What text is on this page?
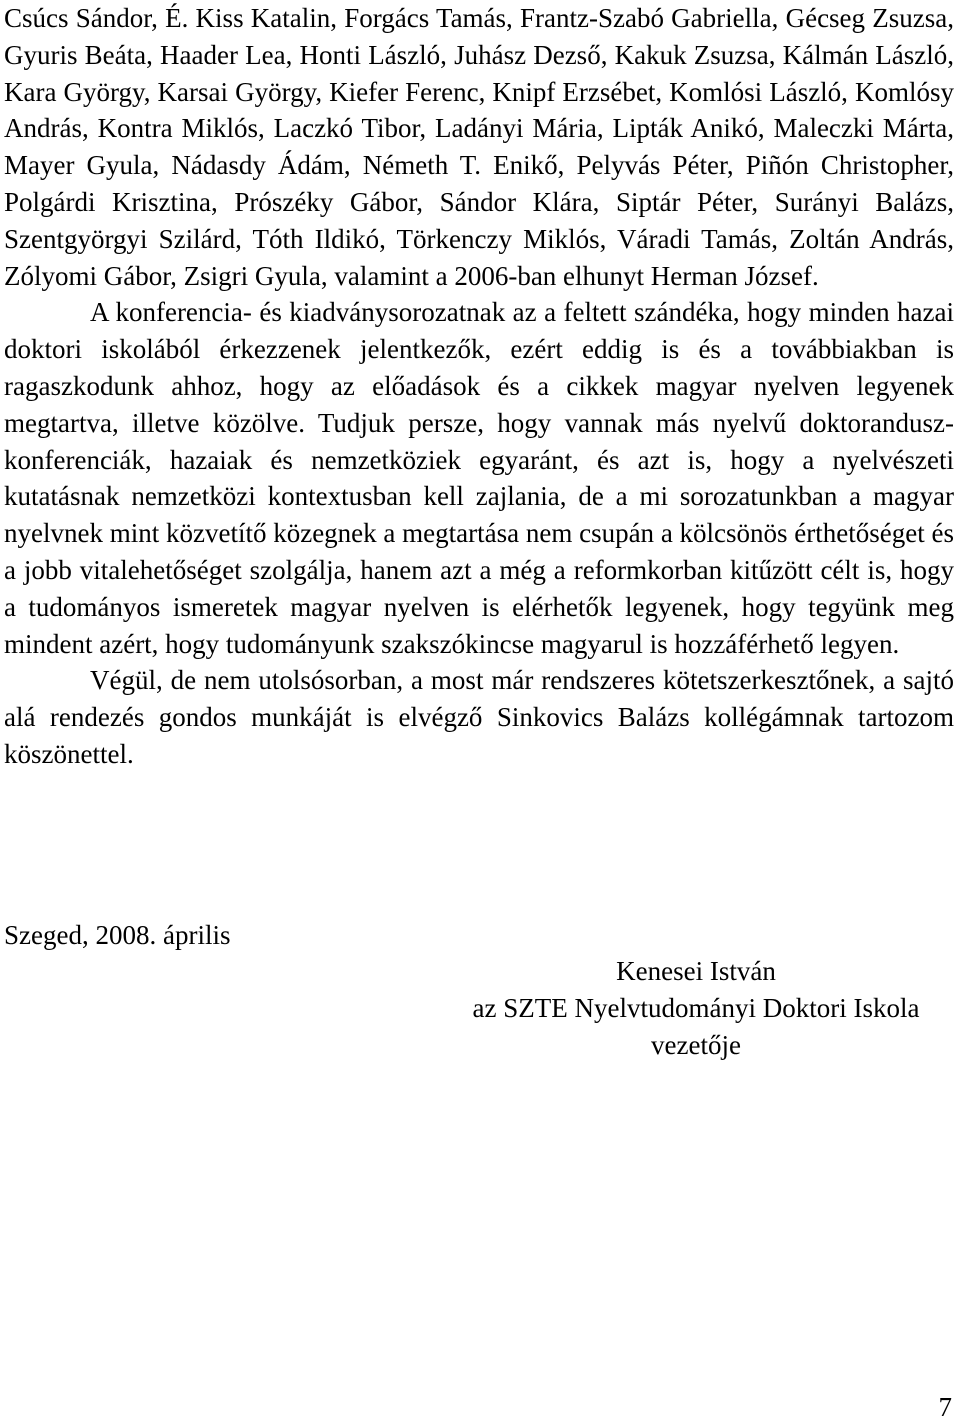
Csúcs Sándor, É. Kiss Katalin, Forgács Tamás, Frantz-Szabó Gabriella, Gécseg Zsuzsa, Gyuris Beáta, Haader Lea, Honti László, Juhász Dezső, Kakuk Zsuzsa, Kálmán László, Kara György, Karsai György, Kiefer Ferenc, Knipf Erzsébet, Komlósi László, Komlósy András, Kontra Miklós, Laczkó Tibor, Ladányi Mária, Lipták Anikó, Maleczki Márta, Mayer Gyula, Nádasdy Ádám, Németh T. Enikő, Pelyvás Péter, Piñón Christopher, Polgárdi Krisztina, Prószéky Gábor, Sándor Klára, Siptár Péter, Surányi Balázs, Szentgyörgyi Szilárd, Tóth Ildikó, Törkenczy Miklós, Váradi Tamás, Zoltán András, Zólyomi Gábor, Zsigri Gyula, valamint a 2006-ban elhunyt Herman József.

A konferencia- és kiadványsorozatnak az a feltett szándéka, hogy minden hazai doktori iskolából érkezzenek jelentkezők, ezért eddig is és a továbbiakban is ragaszkodunk ahhoz, hogy az előadások és a cikkek magyar nyelven legyenek megtartva, illetve közölve. Tudjuk persze, hogy vannak más nyelvű doktorandusz-konferenciák, hazaiak és nemzetköziek egyaránt, és azt is, hogy a nyelvészeti kutatásnak nemzetközi kontextusban kell zajlania, de a mi sorozatunkban a magyar nyelvnek mint közvetítő közegnek a megtartása nem csupán a kölcsönös érthetőséget és a jobb vitalehetőséget szolgálja, hanem azt a még a reformkorban kitűzött célt is, hogy a tudományos ismeretek magyar nyelven is elérhetők legyenek, hogy tegyünk meg mindent azért, hogy tudományunk szakszókincse magyarul is hozzáférhető legyen.

Végül, de nem utolsósorban, a most már rendszeres kötetszerkesztőnek, a sajtó alá rendezés gondos munkáját is elvégző Sinkovics Balázs kollégámnak tartozom köszönettel.

Szeged, 2008. április
Kenesei István
az SZTE Nyelvtudományi Doktori Iskola
vezetője
7
